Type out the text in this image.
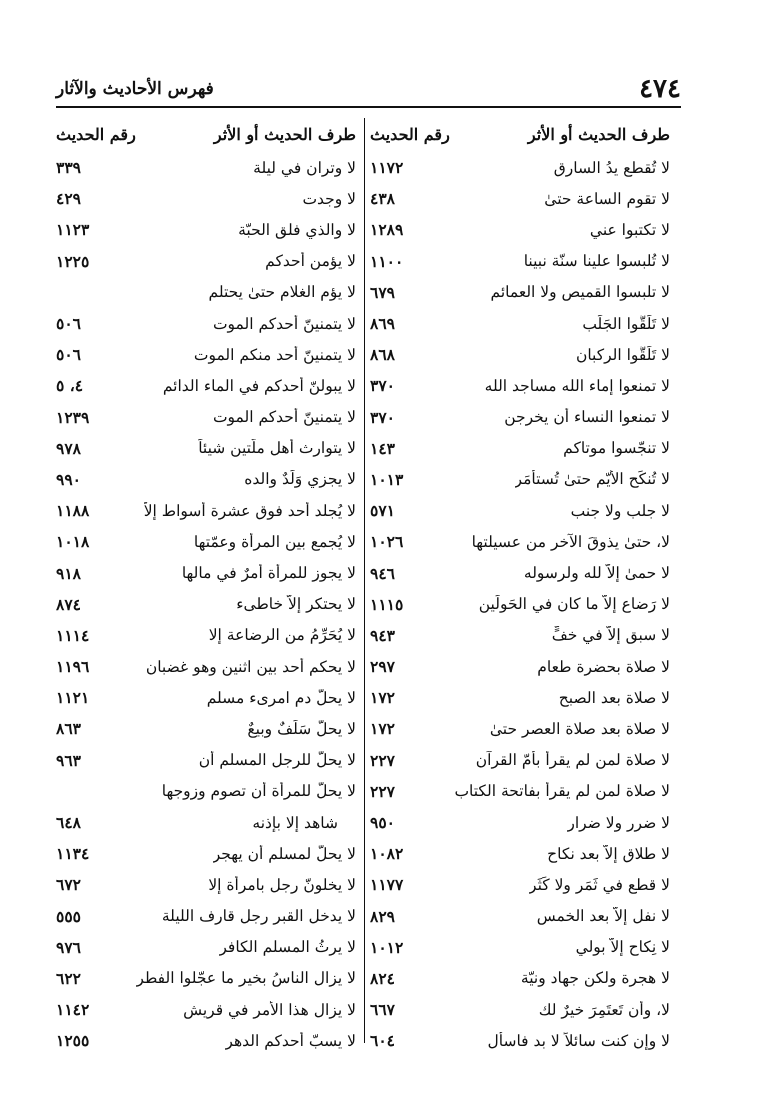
٤٧٤
فهرس الأحاديث والآثار
طرف الحديث أو الأثر
رقم الحديث
لا تُقطع يدُ السارق
١١٧٢
لا تقوم الساعة حتىٰ
٤٣٨
لا تكتبوا عني
١٢٨٩
لا تُلبسوا علينا سنّة نبينا
١١٠٠
لا تلبسوا القميص ولا العمائم
٦٧٩
لا تَلَقُّوا الجَلَب
٨٦٩
لا تَلَقُّوا الركبان
٨٦٨
لا تمنعوا إماء الله مساجد الله
٣٧٠
لا تمنعوا النساء أن يخرجن
٣٧٠
لا تنجّسوا موتاكم
١٤٣
لا تُنكَح الأيّم حتىٰ تُستأمَر
١٠١٣
لا جلب ولا جنب
٥٧١
لا، حتىٰ يذوقَ الآخر من عسيلتها
١٠٢٦
لا حمىٰ إلاّ لله ولرسوله
٩٤٦
لا رَضاع إلاّ ما كان في الحَولَين
١١١٥
لا سبق إلاّ في خفٍّ
٩٤٣
لا صلاة بحضرة طعام
٢٩٧
لا صلاة بعد الصبح
١٧٢
لا صلاة بعد صلاة العصر حتىٰ
١٧٢
لا صلاة لمن لم يقرأ بأمّ القرآن
٢٢٧
لا صلاة لمن لم يقرأ بفاتحة الكتاب
٢٢٧
لا ضرر ولا ضرار
٩٥٠
لا طلاق إلاّ بعد نكاح
١٠٨٢
لا قطع في ثَمَر ولا كَثَر
١١٧٧
لا نفل إلاّ بعد الخمس
٨٢٩
لا نِكاح إلاّ بولي
١٠١٢
لا هجرة ولكن جهاد ونيّة
٨٢٤
لا، وأن تَعتَمِرَ خيرٌ لك
٦٦٧
لا وإن كنت سائلاً لا بد فاسأل
٦٠٤
طرف الحديث أو الأثر
رقم الحديث
لا وتران في ليلة
٣٣٩
لا وجدت
٤٢٩
لا والذي فلق الحبّة
١١٢٣
لا يؤمن أحدكم
١٢٢٥
لا يؤم الغلام حتىٰ يحتلم
لا يتمنينّ أحدكم الموت
٥٠٦
لا يتمنينّ أحد منكم الموت
٥٠٦
لا يبولنّ أحدكم في الماء الدائم
٤، ٥
لا يتمنينّ أحدكم الموت
١٢٣٩
لا يتوارث أهل ملّتين شيئاً
٩٧٨
لا يجزي وَلَدٌ والده
٩٩٠
لا يُجلد أحد فوق عشرة أسواط إلاّ
١١٨٨
لا يُجمع بين المرأة وعمّتها
١٠١٨
لا يجوز للمرأة أمرٌ في مالها
٩١٨
لا يحتكر إلاّ خاطىء
٨٧٤
لا يُحَرِّمُ من الرضاعة إلا
١١١٤
لا يحكم أحد بين اثنين وهو غضبان
١١٩٦
لا يحلُّ دم امرىء مسلم
١١٢١
لا يحلُّ سَلَفٌ وبيعٌ
٨٦٣
لا يحلُّ للرجل المسلم أن
٩٦٣
لا يحلُّ للمرأة أن تصوم وزوجها
شاهد إلا بإذنه
٦٤٨
لا يحلّ لمسلم أن يهجر
١١٣٤
لا يخلونّ رجل بامرأة إلا
٦٧٢
لا يدخل القبر رجل قارف الليلة
٥٥٥
لا يرثُ المسلم الكافر
٩٧٦
لا يزال الناسُ بخير ما عجّلوا الفطر
٦٢٢
لا يزال هذا الأمر في قريش
١١٤٢
لا يسبّ أحدكم الدهر
١٢٥٥
